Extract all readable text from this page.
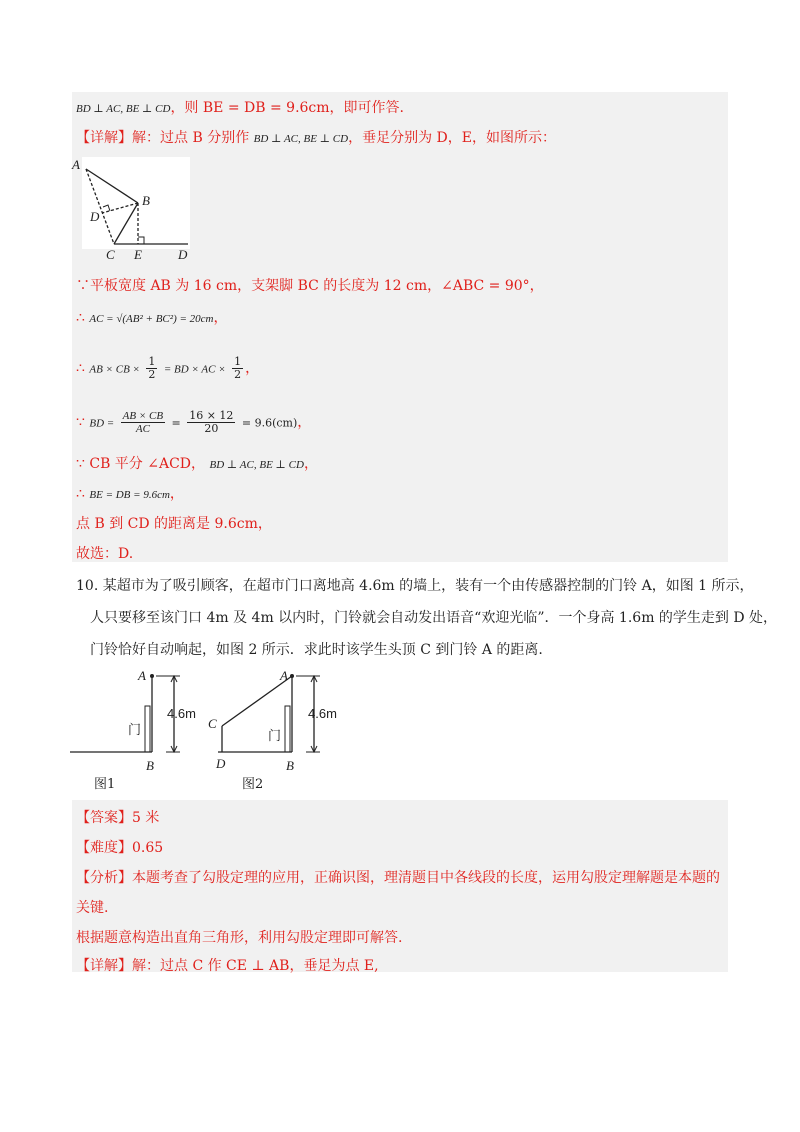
BD ⊥ AC, BE ⊥ CD，则 BE = DB = 9.6cm，即可作答.
【详解】解：过点 B 分别作 BD ⊥ AC, BE ⊥ CD，垂足分别为 D，E，如图所示：
A
B
D
C E	D
∵平板宽度 AB 为 16 cm，支架脚 BC 的长度为 12 cm，∠ABC = 90°，
∴ AC = √(AB² + BC²) = 20cm，
∴ AB × CB × $\frac{1}{2}$ = BD × AC × $\frac{1}{2}$ ，
∵ BD = $\frac{AB \times CB}{AC} = \frac{16 \times 12}{20} = 9.6(cm)$，
∵ CB 平分 ∠ACD， BD ⊥ AC, BE ⊥ CD，
∴ BE = DB = 9.6cm，
点 B 到 CD 的距离是 9.6cm，
故选：D.
10. 某超市为了吸引顾客，在超市门口离地高 4.6m 的墙上，装有一个由传感器控制的门铃 A，如图 1 所示，
人只要移至该门口 4m 及 4m 以内时，门铃就会自动发出语音“欢迎光临”．一个身高 1.6m 的学生走到 D 处，
门铃恰好自动响起，如图 2 所示．求此时该学生头顶 C 到门铃 A 的距离.
A
B
门
4.6m
图1
A
C
D	B
门
4.6m
图2
【答案】5 米
【难度】0.65
【分析】本题考查了勾股定理的应用，正确识图，理清题目中各线段的长度，运用勾股定理解题是本题的
关键.
根据题意构造出直角三角形，利用勾股定理即可解答.
【详解】解：过点 C 作 CE ⊥ AB，垂足为点 E,
